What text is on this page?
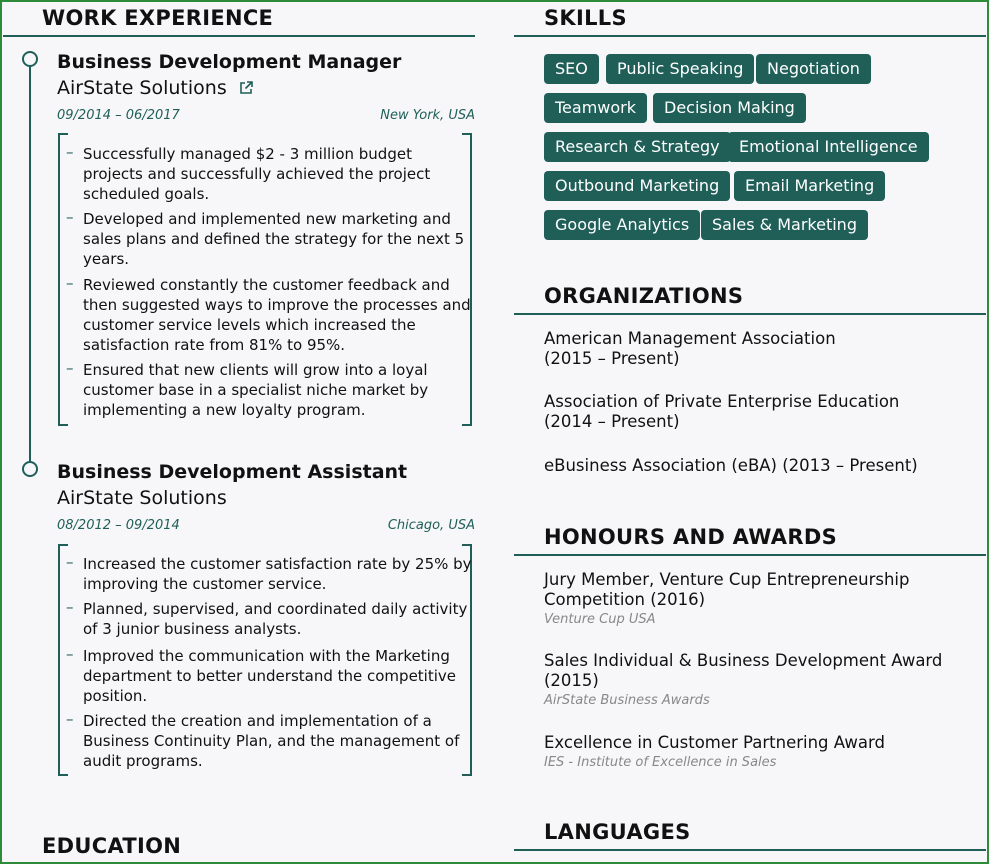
WORK EXPERIENCE
Business Development Manager
AirState Solutions
09/2014 – 06/2017	New York, USA
– Successfully managed $2 - 3 million budget projects and successfully achieved the project scheduled goals.
– Developed and implemented new marketing and sales plans and defined the strategy for the next 5 years.
– Reviewed constantly the customer feedback and then suggested ways to improve the processes and customer service levels which increased the satisfaction rate from 81% to 95%.
– Ensured that new clients will grow into a loyal customer base in a specialist niche market by implementing a new loyalty program.
Business Development Assistant
AirState Solutions
08/2012 – 09/2014	Chicago, USA
– Increased the customer satisfaction rate by 25% by improving the customer service.
– Planned, supervised, and coordinated daily activity of 3 junior business analysts.
– Improved the communication with the Marketing department to better understand the competitive position.
– Directed the creation and implementation of a Business Continuity Plan, and the management of audit programs.
EDUCATION
SKILLS
SEO	Public Speaking	Negotiation
Teamwork	Decision Making
Research & Strategy	Emotional Intelligence
Outbound Marketing	Email Marketing
Google Analytics	Sales & Marketing
ORGANIZATIONS
American Management Association (2015 – Present)
Association of Private Enterprise Education (2014 – Present)
eBusiness Association (eBA) (2013 – Present)
HONOURS AND AWARDS
Jury Member, Venture Cup Entrepreneurship Competition (2016)
Venture Cup USA
Sales Individual & Business Development Award (2015)
AirState Business Awards
Excellence in Customer Partnering Award
IES - Institute of Excellence in Sales
LANGUAGES
